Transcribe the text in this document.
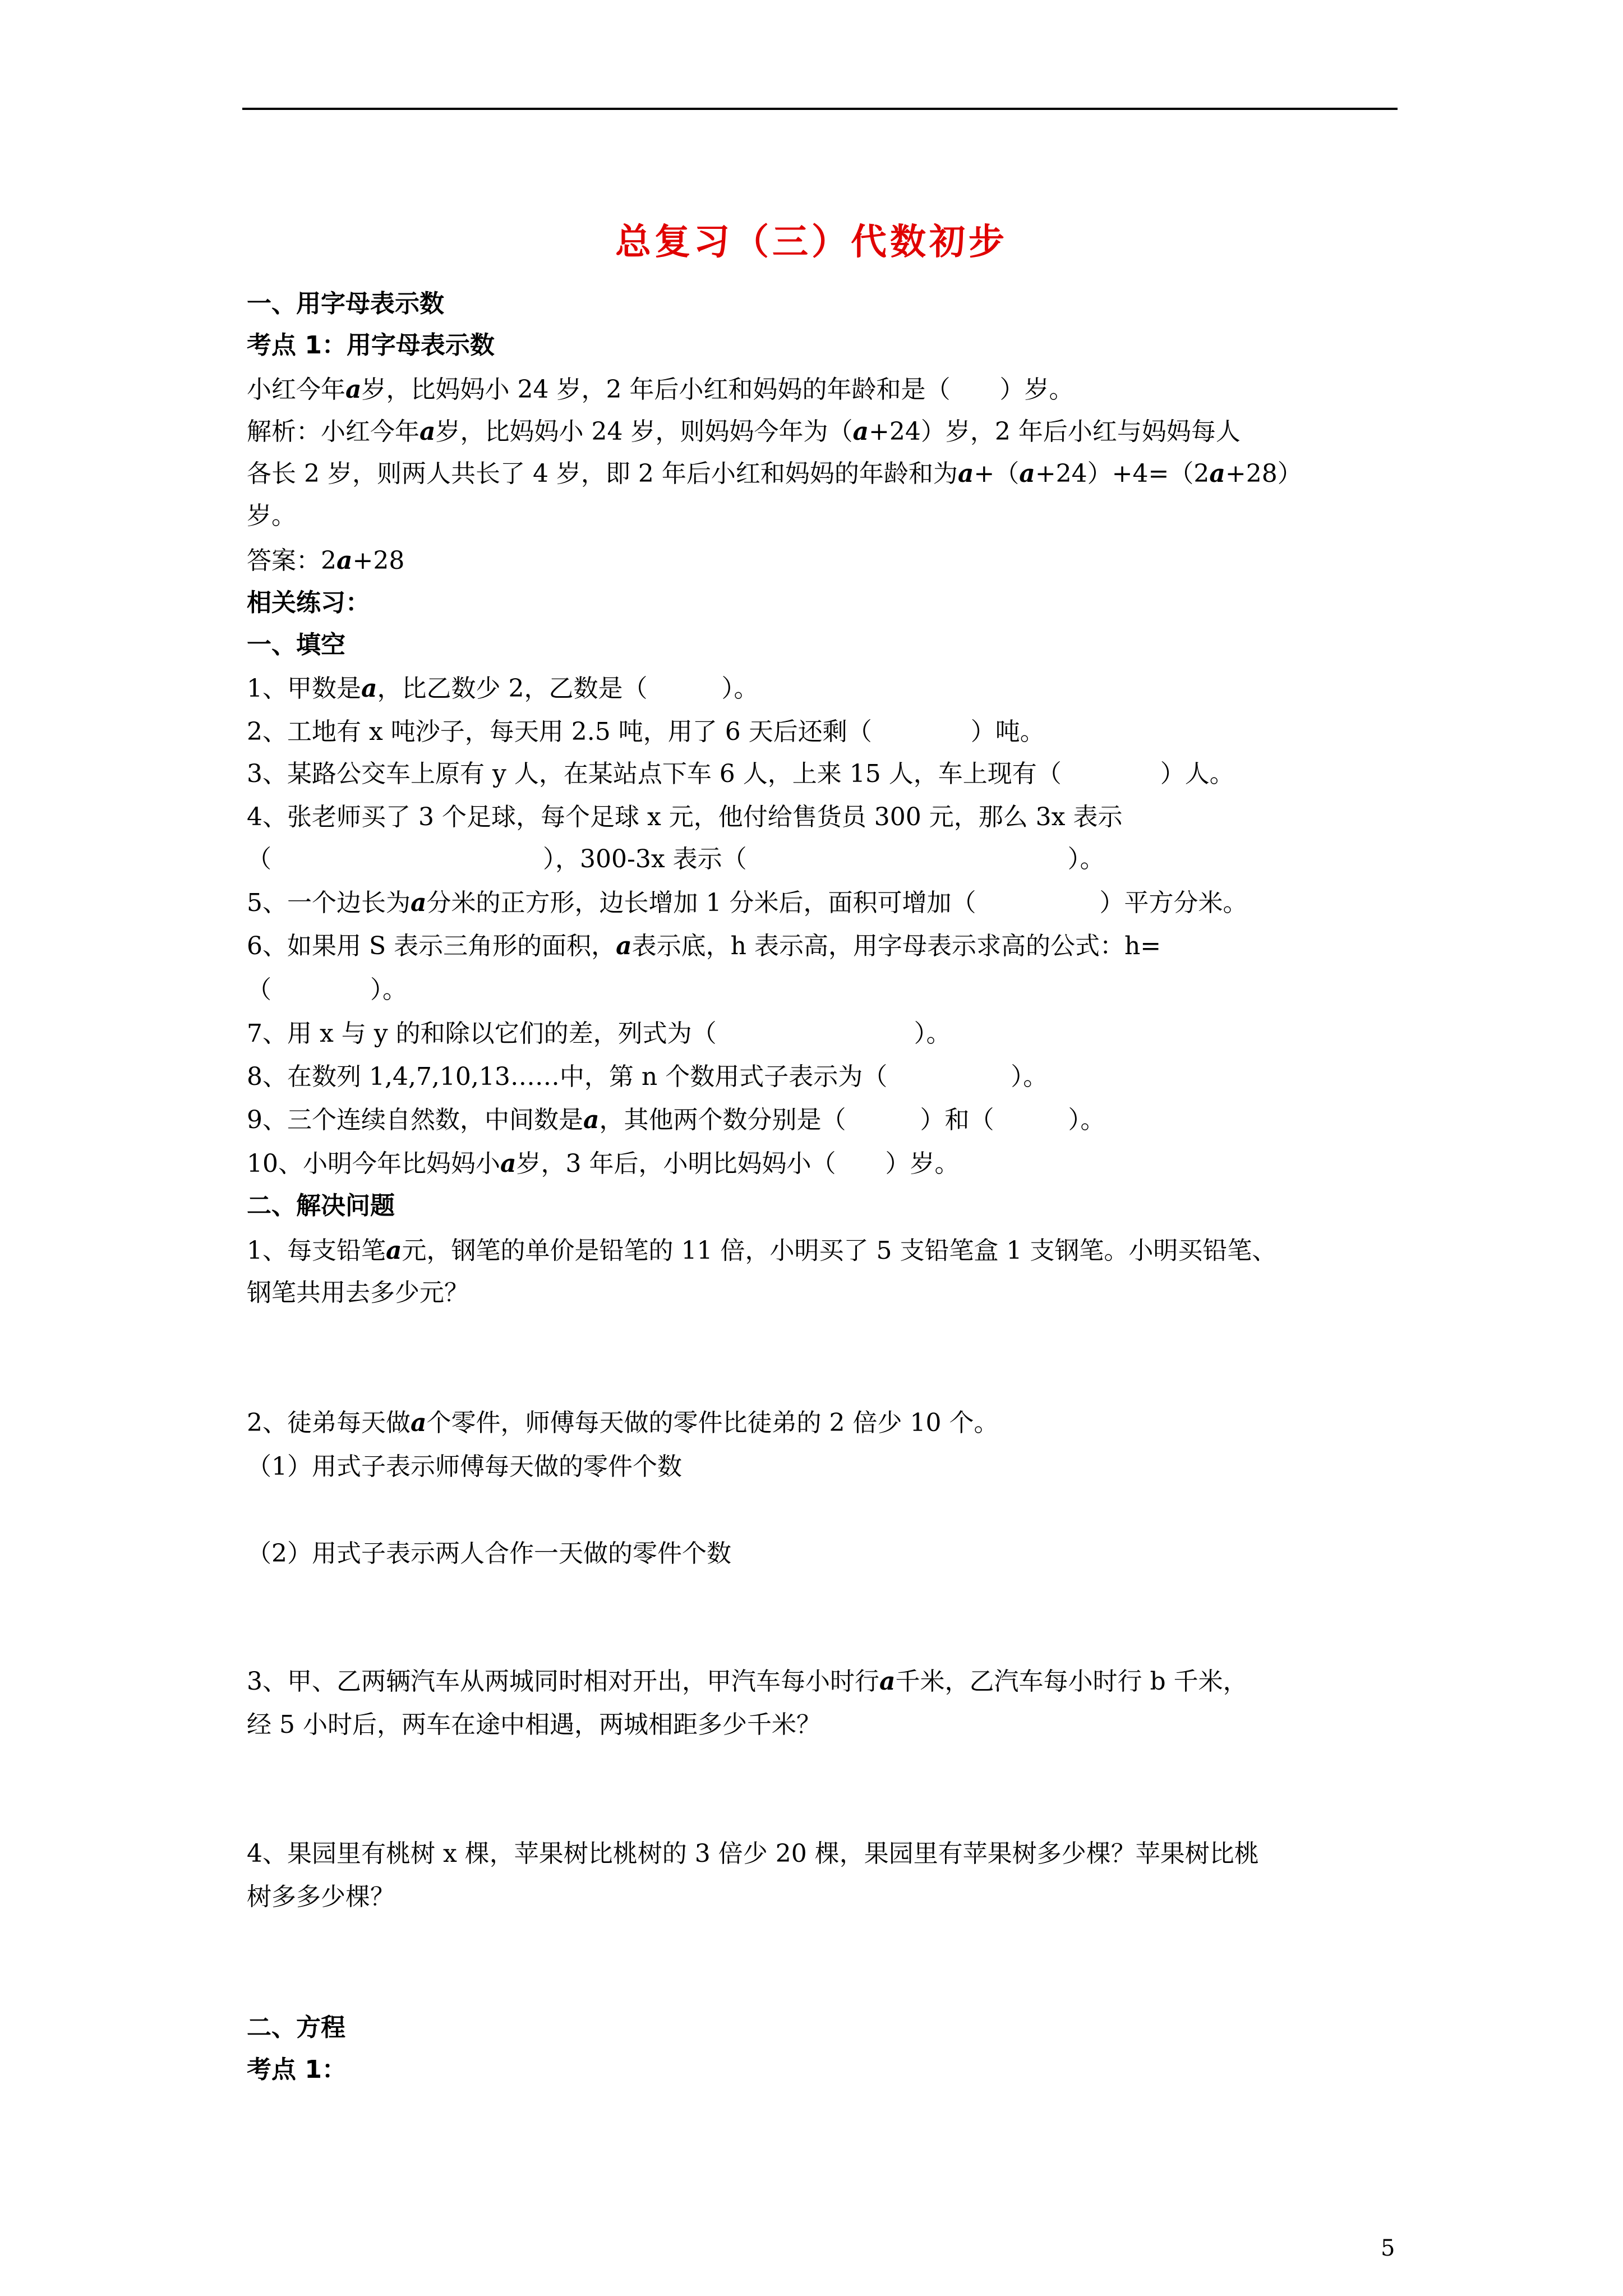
总复习（三）代数初步
一、用字母表示数
考点 1：用字母表示数
小红今年a岁，比妈妈小 24 岁，2 年后小红和妈妈的年龄和是（　　）岁。
解析：小红今年a岁，比妈妈小 24 岁，则妈妈今年为（a+24）岁，2 年后小红与妈妈每人
各长 2 岁，则两人共长了 4 岁，即 2 年后小红和妈妈的年龄和为a+（a+24）+4=（2a+28）
岁。
答案：2a+28
相关练习：
一、填空
1、甲数是a，比乙数少 2，乙数是（　　　）。
2、工地有 x 吨沙子，每天用 2.5 吨，用了 6 天后还剩（　　　　）吨。
3、某路公交车上原有 y 人，在某站点下车 6 人，上来 15 人，车上现有（　　　　）人。
4、张老师买了 3 个足球，每个足球 x 元，他付给售货员 300 元，那么 3x 表示
（　　　　　　　　　　　），300-3x 表示（　　　　　　　　　　　　　）。
5、一个边长为a分米的正方形，边长增加 1 分米后，面积可增加（　　　　　）平方分米。
6、如果用 S 表示三角形的面积，a表示底，h 表示高，用字母表示求高的公式：h=
（　　　　）。
7、用 x 与 y 的和除以它们的差，列式为（　　　　　　　　）。
8、在数列 1,4,7,10,13……中，第 n 个数用式子表示为（　　　　　）。
9、三个连续自然数，中间数是a，其他两个数分别是（　　　）和（　　　）。
10、小明今年比妈妈小a岁，3 年后，小明比妈妈小（　　）岁。
二、解决问题
1、每支铅笔a元，钢笔的单价是铅笔的 11 倍，小明买了 5 支铅笔盒 1 支钢笔。小明买铅笔、
钢笔共用去多少元？
2、徒弟每天做a个零件，师傅每天做的零件比徒弟的 2 倍少 10 个。
（1）用式子表示师傅每天做的零件个数
（2）用式子表示两人合作一天做的零件个数
3、甲、乙两辆汽车从两城同时相对开出，甲汽车每小时行a千米，乙汽车每小时行 b 千米，
经 5 小时后，两车在途中相遇，两城相距多少千米？
4、果园里有桃树 x 棵，苹果树比桃树的 3 倍少 20 棵，果园里有苹果树多少棵？苹果树比桃
树多多少棵？
二、方程
考点 1：
5
